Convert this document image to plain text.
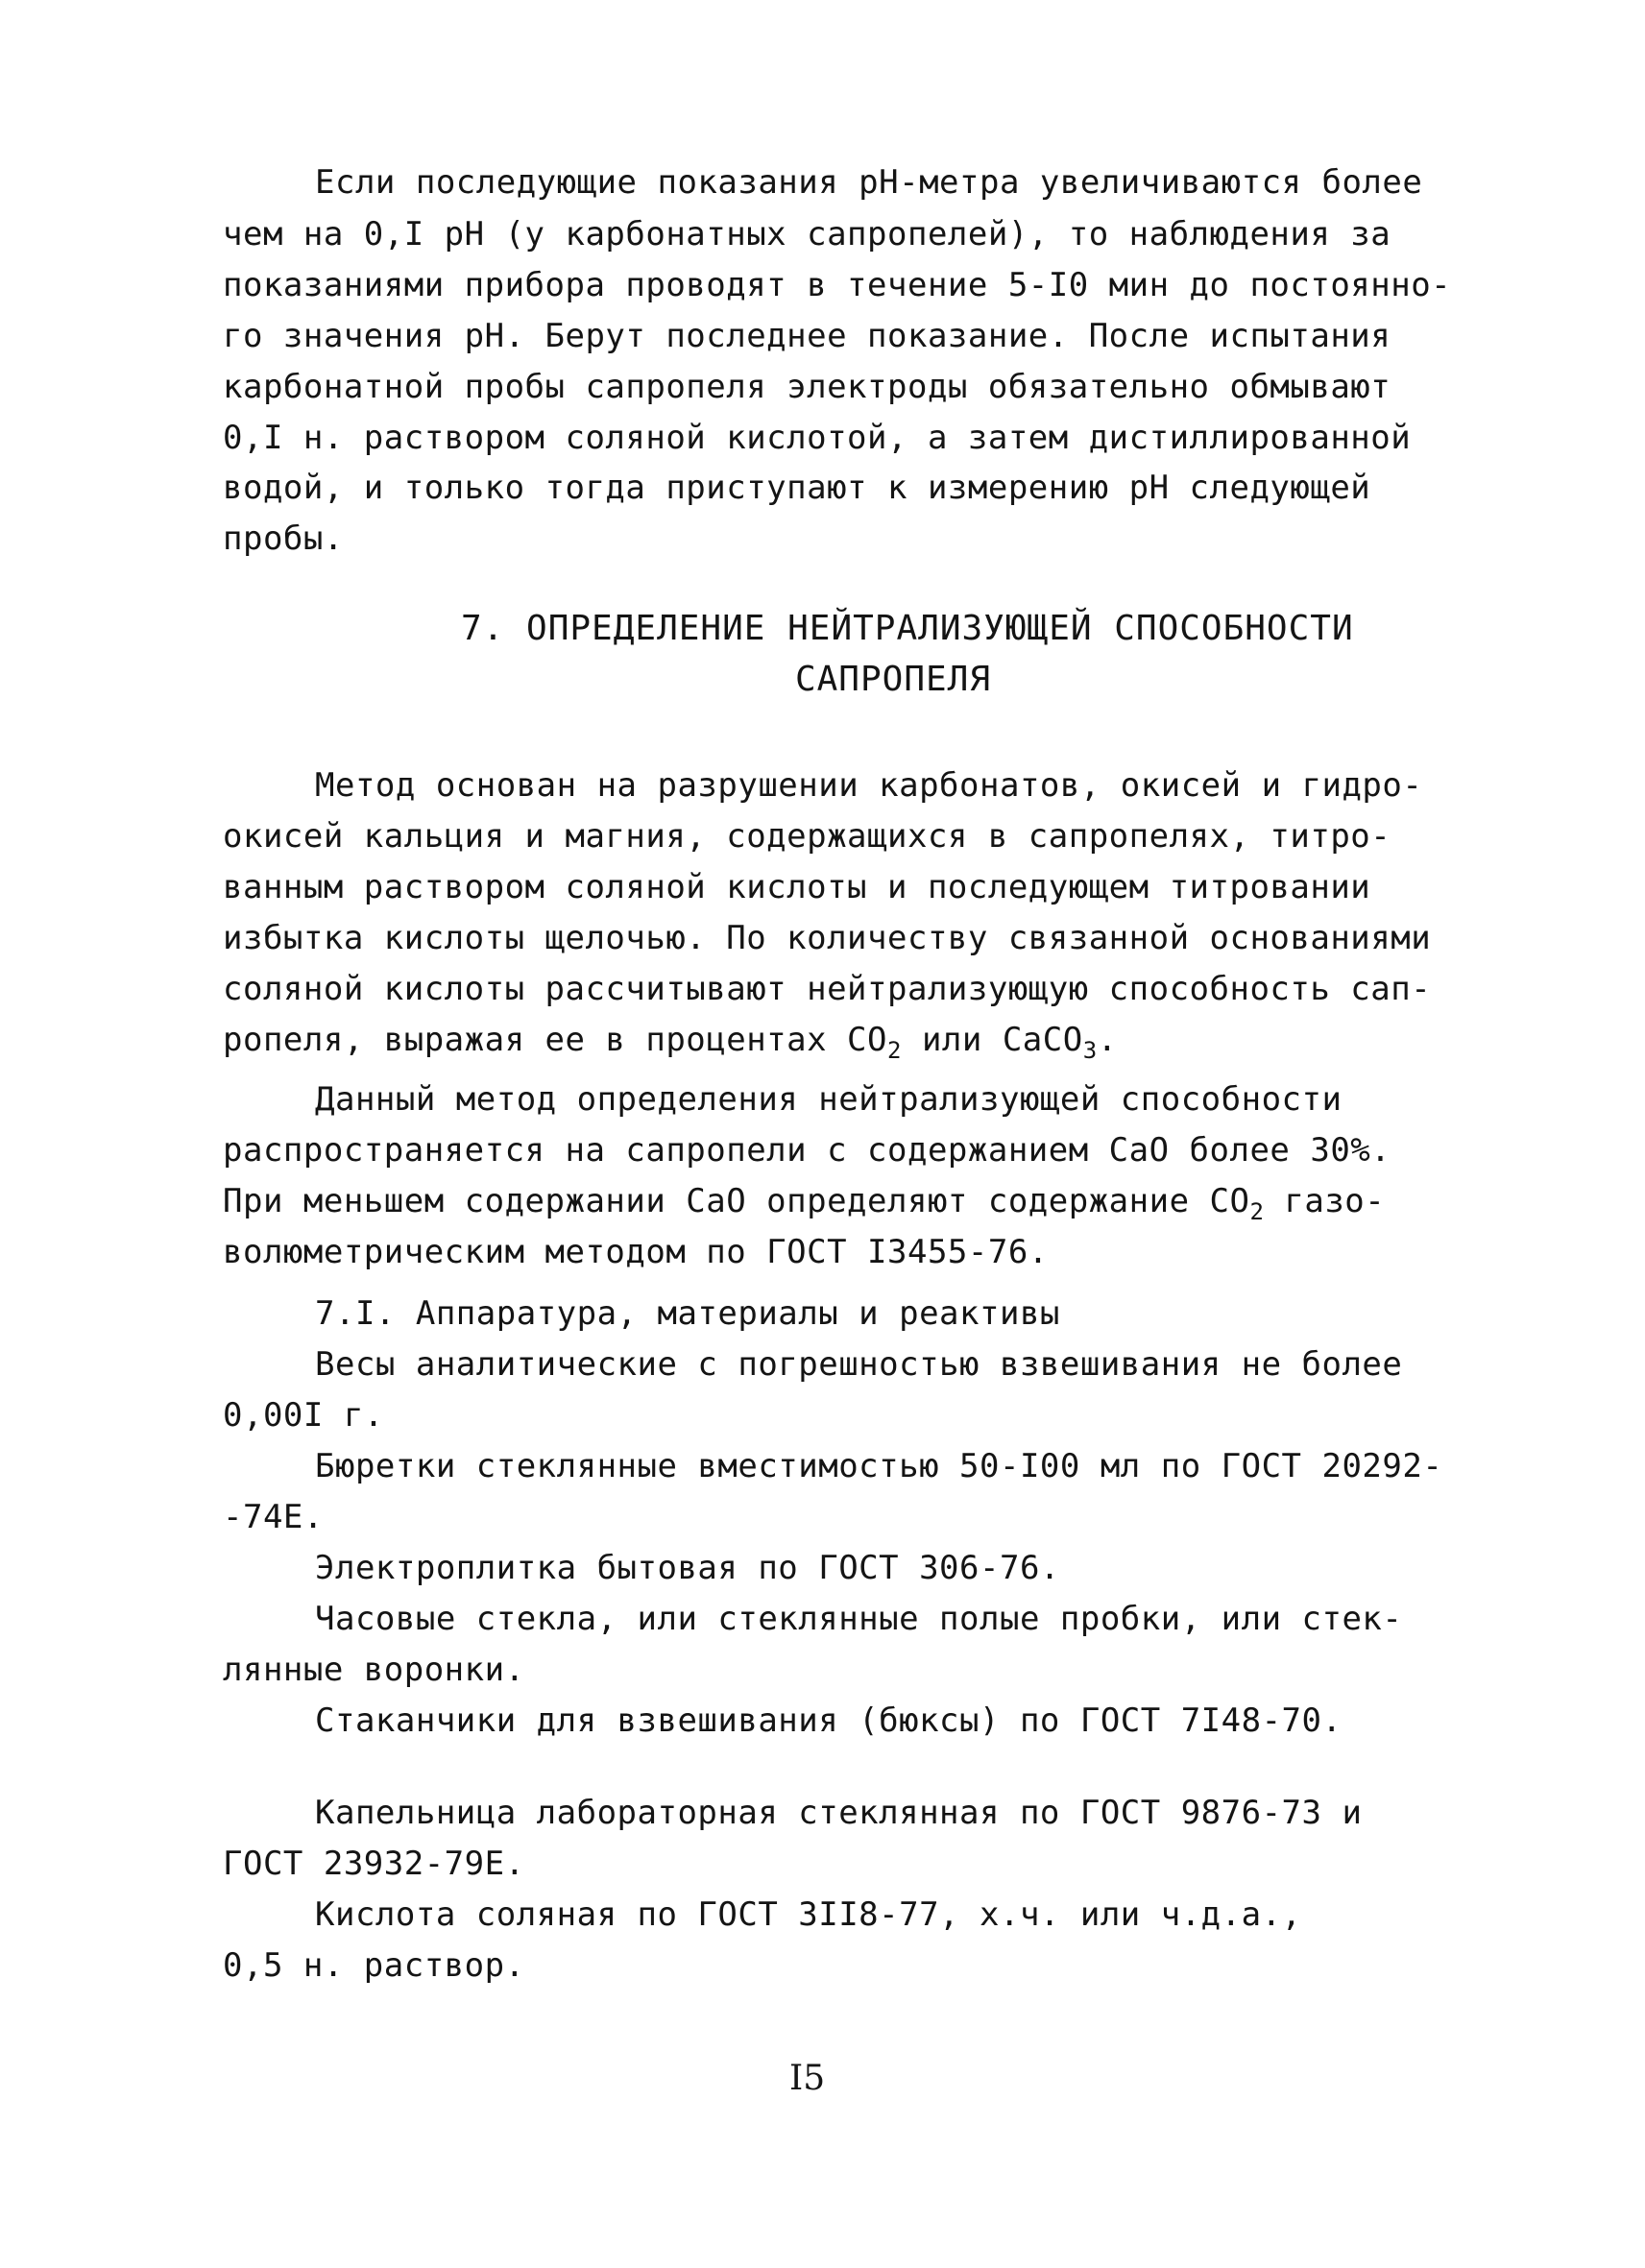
Если последующие показания pH-метра увеличиваются более
чем на 0,I pH (у карбонатных сапропелей), то наблюдения за
показаниями прибора проводят в течение 5-I0 мин до постоянно-
го значения pH. Берут последнее показание. После испытания
карбонатной пробы сапропеля электроды обязательно обмывают
0,I н. раствором соляной кислотой, а затем дистиллированной
водой, и только тогда приступают к измерению pH следующей
пробы.
7. ОПРЕДЕЛЕНИЕ НЕЙТРАЛИЗУЮЩЕЙ СПОСОБНОСТИ
САПРОПЕЛЯ
Метод основан на разрушении карбонатов, окисей и гидро-
окисей кальция и магния, содержащихся в сапропелях, титро-
ванным раствором соляной кислоты и последующем титровании
избытка кислоты щелочью. По количеству связанной основаниями
соляной кислоты рассчитывают нейтрализующую способность сап-
ропеля, выражая ее в процентах $CO_2$ или CaCO$_3$.
Данный метод определения нейтрализующей способности
распространяется на сапропели с содержанием CaO более 30%.
При меньшем содержании CaO определяют содержание $CO_2$ газо-
волюметрическим методом по ГОСТ I3455-76.
7.I. Аппаратура, материалы и реактивы
Весы аналитические с погрешностью взвешивания не более
0,00I г.
Бюретки стеклянные вместимостью 50-I00 мл по ГОСТ 20292-
-74Е.
Электроплитка бытовая по ГОСТ 306-76.
Часовые стекла, или стеклянные полые пробки, или стек-
лянные воронки.
Стаканчики для взвешивания (бюксы) по ГОСТ 7I48-70.
Капельница лабораторная стеклянная по ГОСТ 9876-73 и
ГОСТ 23932-79Е.
Кислота соляная по ГОСТ 3II8-77, х.ч. или ч.д.а.,
0,5 н. раствор.
I5
